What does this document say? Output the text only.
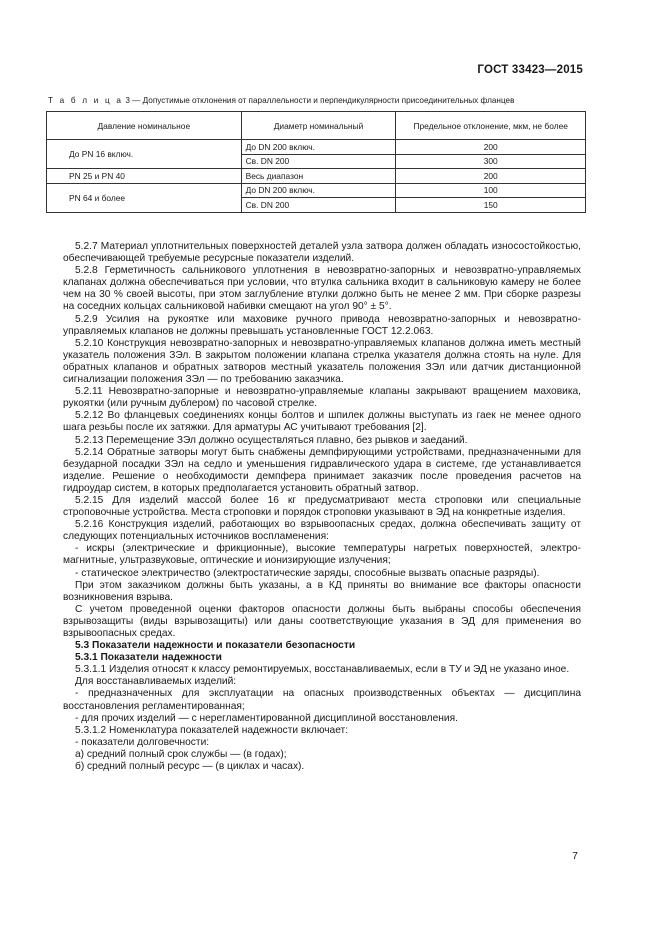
ГОСТ 33423—2015
Т а б л и ц а 3 — Допустимые отклонения от параллельности и перпендикулярности присоединительных фланцев
Давление номинальное	Диаметр номинальный	Предельное отклонение, мкм, не более
До PN 16 включ.	До DN 200 включ.	200
	Св. DN 200	300
PN 25 и PN 40	Весь диапазон	200
PN 64 и более	До DN 200 включ.	100
	Св. DN 200	150

5.2.7 Материал уплотнительных поверхностей деталей узла затвора должен обладать износостойкостью, обеспечивающей требуемые ресурсные показатели изделий.

5.2.8 Герметичность сальникового уплотнения в невозвратно-запорных и невозвратно-управляемых клапанах должна обеспечиваться при условии, что втулка сальника входит в сальниковую камеру не более чем на 30 % своей высоты, при этом заглубление втулки должно быть не менее 2 мм. При сборке разрезы на соседних кольцах сальниковой набивки смещают на угол 90° ± 5°.

5.2.9 Усилия на рукоятке или маховике ручного привода невозвратно-запорных и невозвратно-управляемых клапанов не должны превышать установленные ГОСТ 12.2.063.

5.2.10 Конструкция невозвратно-запорных и невозвратно-управляемых клапанов должна иметь местный указатель положения ЗЭл. В закрытом положении клапана стрелка указателя должна стоять на нуле. Для обратных клапанов и обратных затворов местный указатель положения ЗЭл или датчик дистанционной сигнализации положения ЗЭл — по требованию заказчика.

5.2.11 Невозвратно-запорные и невозвратно-управляемые клапаны закрывают вращением маховика, рукоятки (или ручным дублером) по часовой стрелке.

5.2.12 Во фланцевых соединениях концы болтов и шпилек должны выступать из гаек не менее одного шага резьбы после их затяжки. Для арматуры АС учитывают требования [2].

5.2.13 Перемещение ЗЭл должно осуществляться плавно, без рывков и заеданий.

5.2.14 Обратные затворы могут быть снабжены демпфирующими устройствами, предназначенными для безударной посадки ЗЭл на седло и уменьшения гидравлического удара в системе, где устанавливается изделие. Решение о необходимости демпфера принимает заказчик после проведения расчетов на гидроудар систем, в которых предполагается установить обратный затвор.

5.2.15 Для изделий массой более 16 кг предусматривают места строповки или специальные строповочные устройства. Места строповки и порядок строповки указывают в ЭД на конкретные изделия.

5.2.16 Конструкция изделий, работающих во взрывоопасных средах, должна обеспечивать защиту от следующих потенциальных источников воспламенения:

- искры (электрические и фрикционные), высокие температуры нагретых поверхностей, электромагнитные, ультразвуковые, оптические и ионизирующие излучения;

- статическое электричество (электростатические заряды, способные вызвать опасные разряды).

При этом заказчиком должны быть указаны, а в КД приняты во внимание все факторы опасности возникновения взрыва.

С учетом проведенной оценки факторов опасности должны быть выбраны способы обеспечения взрывозащиты (виды взрывозащиты) или даны соответствующие указания в ЭД для применения во взрывоопасных средах.

5.3 Показатели надежности и показатели безопасности

5.3.1 Показатели надежности

5.3.1.1 Изделия относят к классу ремонтируемых, восстанавливаемых, если в ТУ и ЭД не указано иное.

Для восстанавливаемых изделий:

- предназначенных для эксплуатации на опасных производственных объектах — дисциплина восстановления регламентированная;

- для прочих изделий — с нерегламентированной дисциплиной восстановления.

5.3.1.2 Номенклатура показателей надежности включает:

- показатели долговечности:

а) средний полный срок службы — (в годах);

б) средний полный ресурс — (в циклах и часах).

7
